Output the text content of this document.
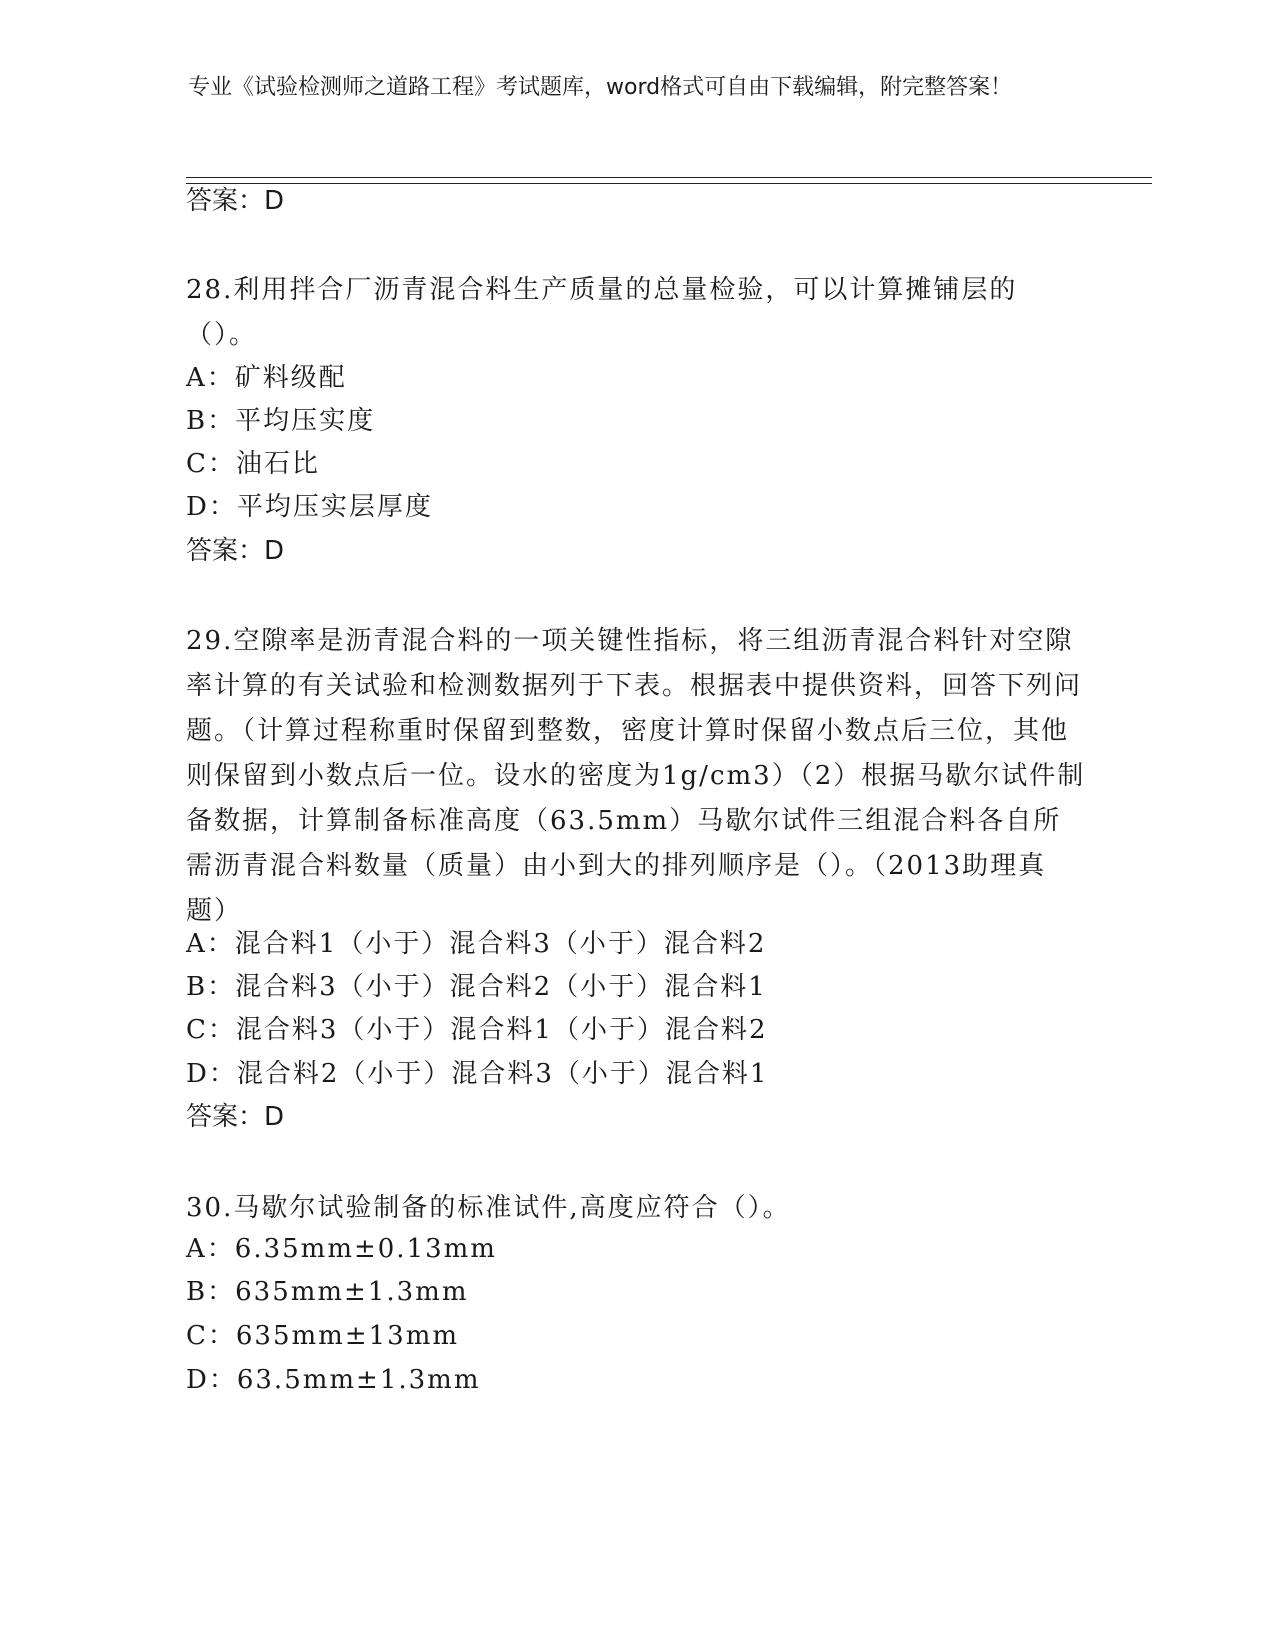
专业《试验检测师之道路工程》考试题库，word格式可自由下载编辑，附完整答案！
答案：D
28.利用拌合厂沥青混合料生产质量的总量检验，可以计算摊铺层的（）。
A：矿料级配
B：平均压实度
C：油石比
D：平均压实层厚度
答案：D
29.空隙率是沥青混合料的一项关键性指标，将三组沥青混合料针对空隙率计算的有关试验和检测数据列于下表。根据表中提供资料，回答下列问题。（计算过程称重时保留到整数，密度计算时保留小数点后三位，其他则保留到小数点后一位。设水的密度为1g/cm3）（2）根据马歇尔试件制备数据，计算制备标准高度（63.5mm）马歇尔试件三组混合料各自所需沥青混合料数量（质量）由小到大的排列顺序是（）。（2013助理真题）
A：混合料1（小于）混合料3（小于）混合料2
B：混合料3（小于）混合料2（小于）混合料1
C：混合料3（小于）混合料1（小于）混合料2
D：混合料2（小于）混合料3（小于）混合料1
答案：D
30.马歇尔试验制备的标准试件,高度应符合（）。
A：6.35mm±0.13mm
B：635mm±1.3mm
C：635mm±13mm
D：63.5mm±1.3mm
